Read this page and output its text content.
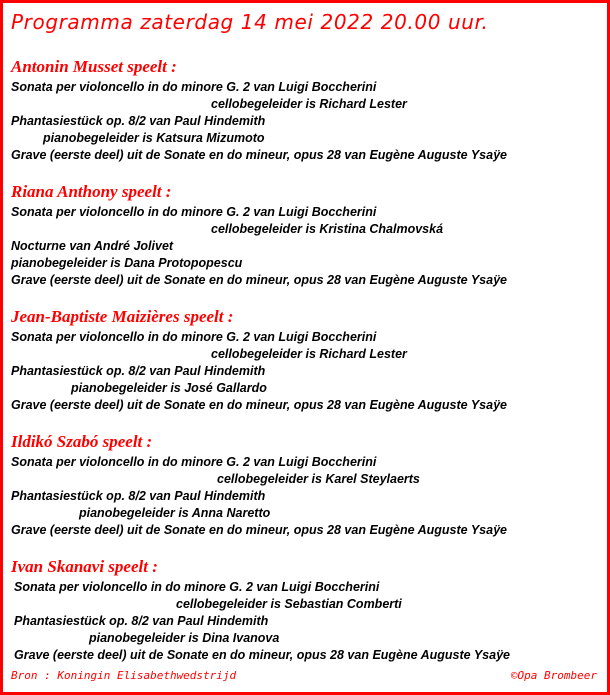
Programma zaterdag 14 mei 2022 20.00 uur.
Antonin Musset speelt :
Sonata per violoncello in do minore G. 2 van Luigi Boccherini
cellobegeleider is Richard Lester
Phantasiestück op. 8/2 van Paul Hindemith
pianobegeleider is Katsura Mizumoto
Grave (eerste deel) uit de Sonate en do mineur, opus 28 van Eugène Auguste Ysaÿe
Riana Anthony speelt :
Sonata per violoncello in do minore G. 2 van Luigi Boccherini
cellobegeleider is Kristina Chalmovská
Nocturne van André Jolivet
pianobegeleider is Dana Protopopescu
Grave (eerste deel) uit de Sonate en do mineur, opus 28 van Eugène Auguste Ysaÿe
Jean-Baptiste Maizières speelt :
Sonata per violoncello in do minore G. 2 van Luigi Boccherini
cellobegeleider is Richard Lester
Phantasiestück op. 8/2 van Paul Hindemith
pianobegeleider is José Gallardo
Grave (eerste deel) uit de Sonate en do mineur, opus 28 van Eugène Auguste Ysaÿe
Ildikó Szabó speelt :
Sonata per violoncello in do minore G. 2 van Luigi Boccherini
cellobegeleider is Karel Steylaerts
Phantasiestück op. 8/2 van Paul Hindemith
pianobegeleider is Anna Naretto
Grave (eerste deel) uit de Sonate en do mineur, opus 28 van Eugène Auguste Ysaÿe
Ivan Skanavi speelt :
Sonata per violoncello in do minore G. 2 van Luigi Boccherini
cellobegeleider is Sebastian Comberti
Phantasiestück op. 8/2 van Paul Hindemith
pianobegeleider is Dina Ivanova
Grave (eerste deel) uit de Sonate en do mineur, opus 28 van Eugène Auguste Ysaÿe
Bron : Koningin Elisabethwedstrijd	©Opa Brombeer
